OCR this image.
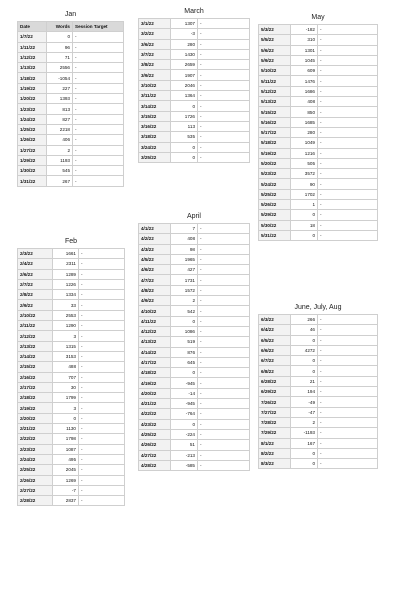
Jan
Date	Words	Session Target
1/7/22	0	-
1/11/22	96	-
1/12/22	71	-
1/13/22	2556	-
1/18/22	-1054	-
1/19/22	227	-
1/20/22	1393	-
1/23/22	813	-
1/24/22	827	-
1/25/22	2218	-
1/26/22	406	-
1/27/22	2	-
1/29/22	1193	-
1/30/22	545	-
1/31/22	267	-
Feb
2/3/22	1661	-
2/4/22	2311	-
2/6/22	1289	-
2/7/22	1226	-
2/8/22	1334	-
2/9/22	33	-
2/10/22	2553	-
2/11/22	1290	-
2/12/22	3	-
2/13/22	1315	-
2/14/22	3153	-
2/15/22	488	-
2/16/22	707	-
2/17/22	30	-
2/18/22	1799	-
2/19/22	3	-
2/20/22	0	-
2/21/22	1130	-
2/22/22	1798	-
2/23/22	1087	-
2/24/22	495	-
2/25/22	2045	-
2/26/22	1269	-
2/27/22	-7	-
2/28/22	2837	-
March
3/1/22	1307	-
3/2/22	-3	-
3/6/22	280	-
3/7/22	1430	-
3/8/22	2659	-
3/9/22	1907	-
3/10/22	2046	-
3/11/22	1364	-
3/14/22	0	-
3/15/22	1726	-
3/16/22	113	-
3/18/22	535	-
3/24/22	0	-
3/25/22	0	-
April
4/1/22	7	-
4/2/22	408	-
4/3/22	98	-
4/5/22	1965	-
4/6/22	427	-
4/7/22	1731	-
4/8/22	1572	-
4/9/22	2	-
4/10/22	542	-
4/11/22	0	-
4/12/22	1086	-
4/13/22	519	-
4/14/22	876	-
4/17/22	645	-
4/18/22	0	-
4/19/22	-945	-
4/20/22	-14	-
4/21/22	-945	-
4/22/22	-764	-
4/23/22	0	-
4/25/22	-224	-
4/26/22	51	-
4/27/22	-213	-
4/28/22	-585	-
May
5/3/22	-182	-
5/5/22	310	-
5/6/22	1301	-
5/9/22	1045	-
5/10/22	609	-
5/11/22	1476	-
5/12/22	1686	-
5/13/22	408	-
5/15/22	850	-
5/16/22	1685	-
5/17/22	280	-
5/18/22	1049	-
5/19/22	1216	-
5/20/22	505	-
5/23/22	3572	-
5/24/22	90	-
5/25/22	1702	-
5/26/22	1	-
5/29/22	0	-
5/30/22	18	-
5/31/22	0	-
June, July, Aug
6/3/22	266	-
6/4/22	46	-
6/5/22	0	-
6/6/22	4272	-
6/7/22	0	-
6/8/22	0	-
6/28/22	21	-
6/29/22	194	-
7/26/22	-49	-
7/27/22	-47	-
7/28/22	2	-
7/29/22	-1193	-
8/1/22	167	-
8/2/22	0	-
8/3/22	0	-
